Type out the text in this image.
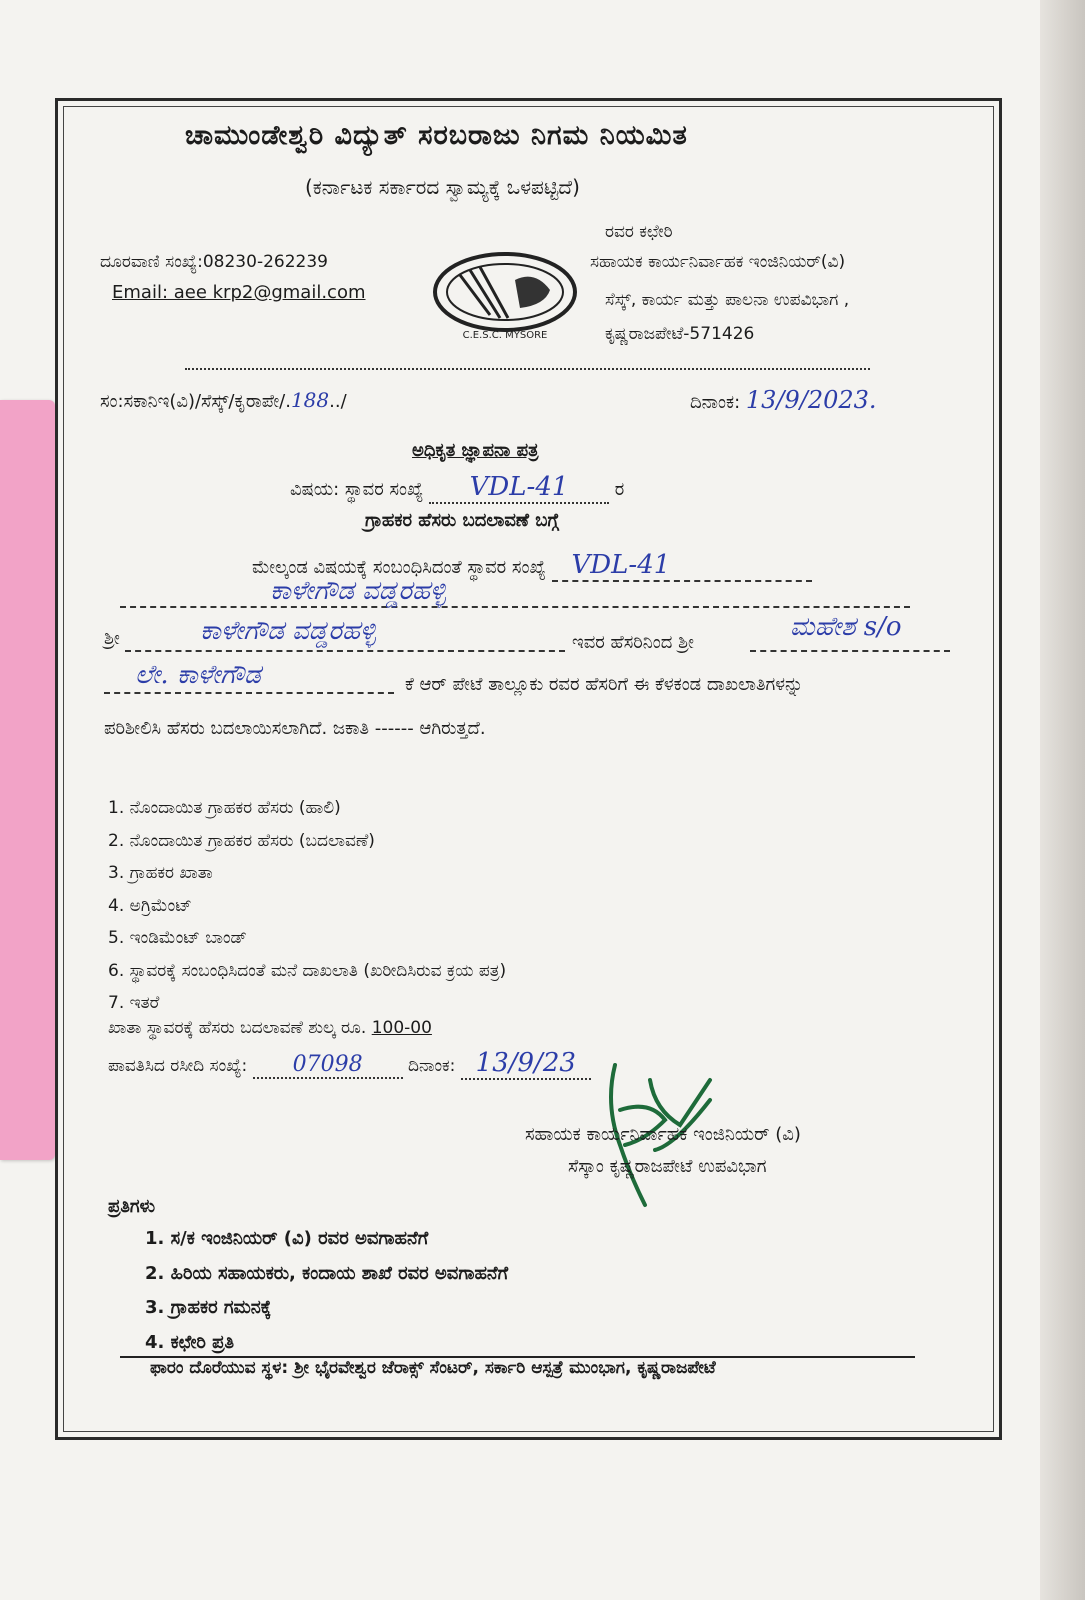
ಚಾಮುಂಡೇಶ್ವರಿ ವಿದ್ಯುತ್ ಸರಬರಾಜು ನಿಗಮ ನಿಯಮಿತ
(ಕರ್ನಾಟಕ ಸರ್ಕಾರದ ಸ್ವಾಮ್ಯಕ್ಕೆ ಒಳಪಟ್ಟಿದೆ)
ದೂರವಾಣಿ ಸಂಖ್ಯೆ:08230-262239
Email: aee krp2@gmail.com
C.E.S.C. MYSORE
ರವರ ಕಛೇರಿ
ಸಹಾಯಕ ಕಾರ್ಯನಿರ್ವಾಹಕ ಇಂಜಿನಿಯರ್(ವಿ)
ಸೆಸ್ಕ್, ಕಾರ್ಯ ಮತ್ತು ಪಾಲನಾ ಉಪವಿಭಾಗ ,
ಕೃಷ್ಣರಾಜಪೇಟೆ-571426
ಸಂ:ಸಕಾನಿಇ(ವಿ)/ಸೆಸ್ಕ್/ಕೃರಾಪೇ/.188../	ದಿನಾಂಕ: 13/9/2023.
ಅಧಿಕೃತ ಜ್ಞಾಪನಾ ಪತ್ರ
ವಿಷಯ: ಸ್ಥಾವರ ಸಂಖ್ಯೆ VDL-41	ರ
ಗ್ರಾಹಕರ ಹೆಸರು ಬದಲಾವಣೆ ಬಗ್ಗೆ
ಮೇಲ್ಕಂಡ ವಿಷಯಕ್ಕೆ ಸಂಬಂಧಿಸಿದಂತೆ ಸ್ಥಾವರ ಸಂಖ್ಯೆ VDL-41
ಕಾಳೇಗೌಡ ವಡ್ಡರಹಳ್ಳಿ
ಶ್ರೀ	ಕಾಳೇಗೌಡ ವಡ್ಡರಹಳ್ಳಿ	ಇವರ ಹೆಸರಿನಿಂದ ಶ್ರೀ
ಮಹೇಶ s/o
ಲೇ. ಕಾಳೇಗೌಡ	ಕೆ ಆರ್ ಪೇಟೆ ತಾಲ್ಲೂಕು ರವರ ಹೆಸರಿಗೆ ಈ ಕೆಳಕಂಡ ದಾಖಲಾತಿಗಳನ್ನು
ಪರಿಶೀಲಿಸಿ ಹೆಸರು ಬದಲಾಯಿಸಲಾಗಿದೆ. ಜಕಾತಿ ------ ಆಗಿರುತ್ತದೆ.
1. ನೊಂದಾಯಿತ ಗ್ರಾಹಕರ ಹೆಸರು (ಹಾಲಿ)
2. ನೊಂದಾಯಿತ ಗ್ರಾಹಕರ ಹೆಸರು (ಬದಲಾವಣೆ)
3. ಗ್ರಾಹಕರ ಖಾತಾ
4. ಅಗ್ರಿಮೆಂಟ್
5. ಇಂಡಿಮೆಂಟ್ ಬಾಂಡ್
6. ಸ್ಥಾವರಕ್ಕೆ ಸಂಬಂಧಿಸಿದಂತೆ ಮನೆ ದಾಖಲಾತಿ (ಖರೀದಿಸಿರುವ ಕ್ರಯ ಪತ್ರ)
7. ಇತರೆ
ಖಾತಾ ಸ್ಥಾವರಕ್ಕೆ ಹೆಸರು ಬದಲಾವಣೆ ಶುಲ್ಕ ರೂ. 100-00
ಪಾವತಿಸಿದ ರಸೀದಿ ಸಂಖ್ಯೆ: 07098	ದಿನಾಂಕ: 13/9/23
ಸಹಾಯಕ ಕಾರ್ಯನಿರ್ವಾಹಕ ಇಂಜಿನಿಯರ್ (ವಿ)
ಸೆಸ್ಕಾಂ ಕೃಷ್ಣರಾಜಪೇಟೆ ಉಪವಿಭಾಗ
ಪ್ರತಿಗಳು
1. ಸ/ಕ ಇಂಜಿನಿಯರ್ (ವಿ) ರವರ ಅವಗಾಹನೆಗೆ
2. ಹಿರಿಯ ಸಹಾಯಕರು, ಕಂದಾಯ ಶಾಖೆ ರವರ ಅವಗಾಹನೆಗೆ
3. ಗ್ರಾಹಕರ ಗಮನಕ್ಕೆ
4. ಕಛೇರಿ ಪ್ರತಿ
ಫಾರಂ ದೊರೆಯುವ ಸ್ಥಳ: ಶ್ರೀ ಭೈರವೇಶ್ವರ ಜೆರಾಕ್ಸ್ ಸೆಂಟರ್, ಸರ್ಕಾರಿ ಆಸ್ಪತ್ರೆ ಮುಂಭಾಗ, ಕೃಷ್ಣರಾಜಪೇಟೆ
